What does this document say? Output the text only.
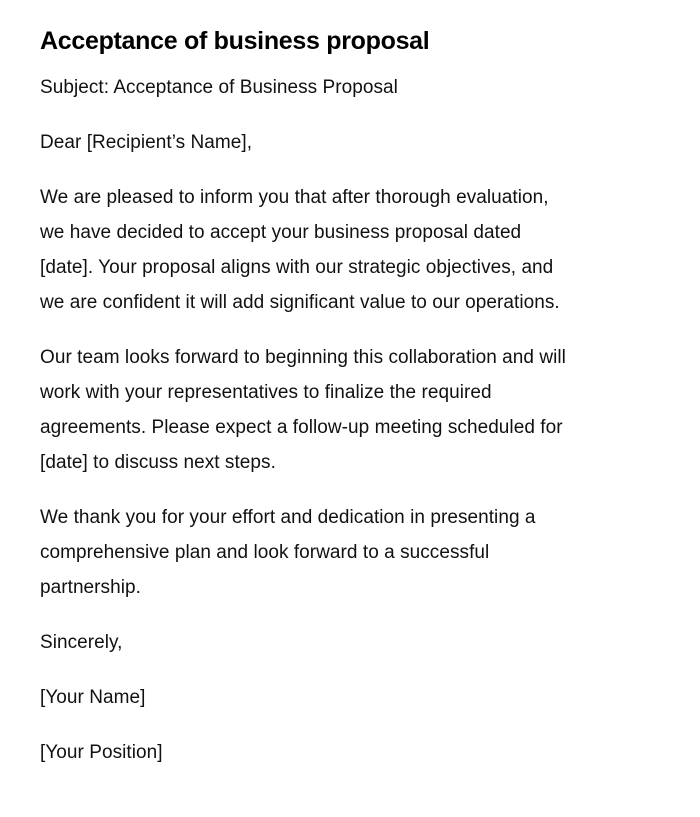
Acceptance of business proposal

Subject: Acceptance of Business Proposal

Dear [Recipient’s Name],

We are pleased to inform you that after thorough evaluation,
we have decided to accept your business proposal dated
[date]. Your proposal aligns with our strategic objectives, and
we are confident it will add significant value to our operations.

Our team looks forward to beginning this collaboration and will
work with your representatives to finalize the required
agreements. Please expect a follow-up meeting scheduled for
[date] to discuss next steps.

We thank you for your effort and dedication in presenting a
comprehensive plan and look forward to a successful
partnership.

Sincerely,

[Your Name]

[Your Position]
